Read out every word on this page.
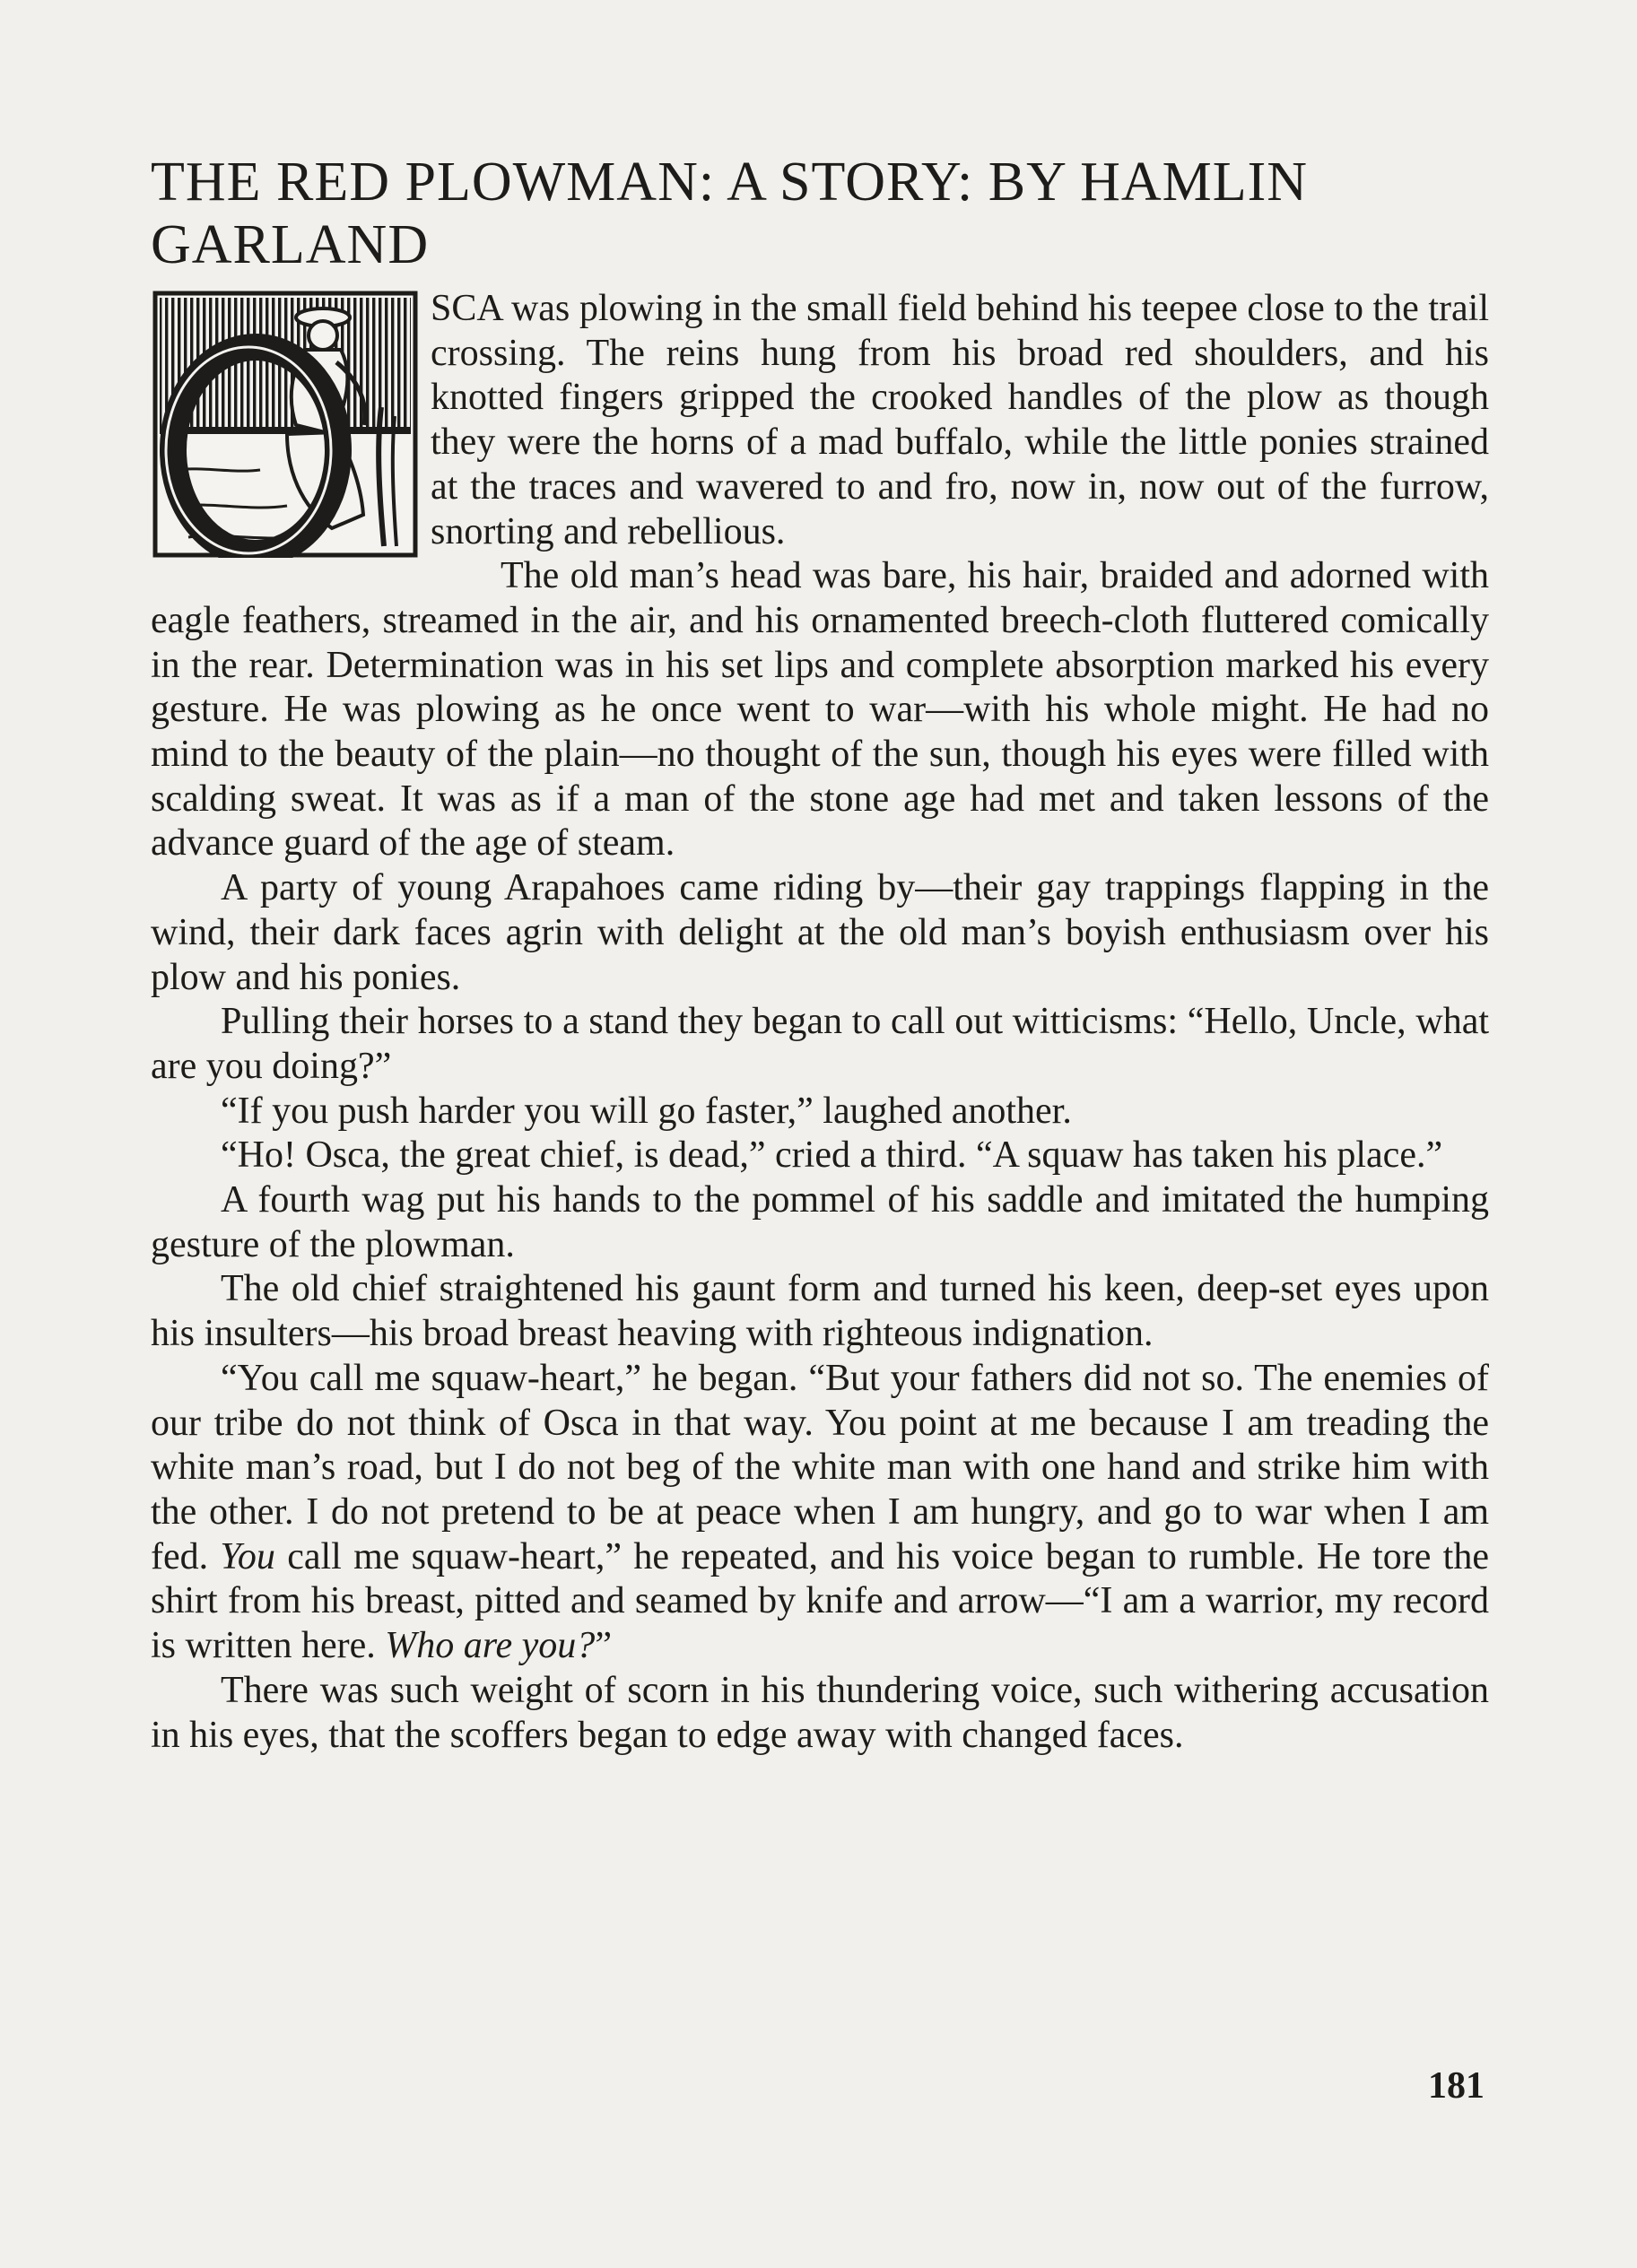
THE RED PLOWMAN: A STORY: BY HAMLIN GARLAND

SCA was plowing in the small field behind his teepee close to the trail crossing. The reins hung from his broad red shoulders, and his knotted fingers gripped the crooked handles of the plow as though they were the horns of a mad buffalo, while the little ponies strained at the traces and wavered to and fro, now in, now out of the furrow, snorting and rebellious.

The old man’s head was bare, his hair, braided and adorned with eagle feathers, streamed in the air, and his ornamented breech-cloth fluttered comically in the rear. Determination was in his set lips and complete absorption marked his every gesture. He was plowing as he once went to war—with his whole might. He had no mind to the beauty of the plain—no thought of the sun, though his eyes were filled with scalding sweat. It was as if a man of the stone age had met and taken lessons of the advance guard of the age of steam.

A party of young Arapahoes came riding by—their gay trappings flapping in the wind, their dark faces agrin with delight at the old man’s boyish enthusiasm over his plow and his ponies.

Pulling their horses to a stand they began to call out witticisms: “Hello, Uncle, what are you doing?”

“If you push harder you will go faster,” laughed another.

“Ho! Osca, the great chief, is dead,” cried a third. “A squaw has taken his place.”

A fourth wag put his hands to the pommel of his saddle and imitated the humping gesture of the plowman.

The old chief straightened his gaunt form and turned his keen, deep-set eyes upon his insulters—his broad breast heaving with righteous indignation.

“You call me squaw-heart,” he began. “But your fathers did not so. The enemies of our tribe do not think of Osca in that way. You point at me because I am treading the white man’s road, but I do not beg of the white man with one hand and strike him with the other. I do not pretend to be at peace when I am hungry, and go to war when I am fed. You call me squaw-heart,” he repeated, and his voice began to rumble. He tore the shirt from his breast, pitted and seamed by knife and arrow—“I am a warrior, my record is written here. Who are you?”

There was such weight of scorn in his thundering voice, such withering accusation in his eyes, that the scoffers began to edge away with changed faces.

181
